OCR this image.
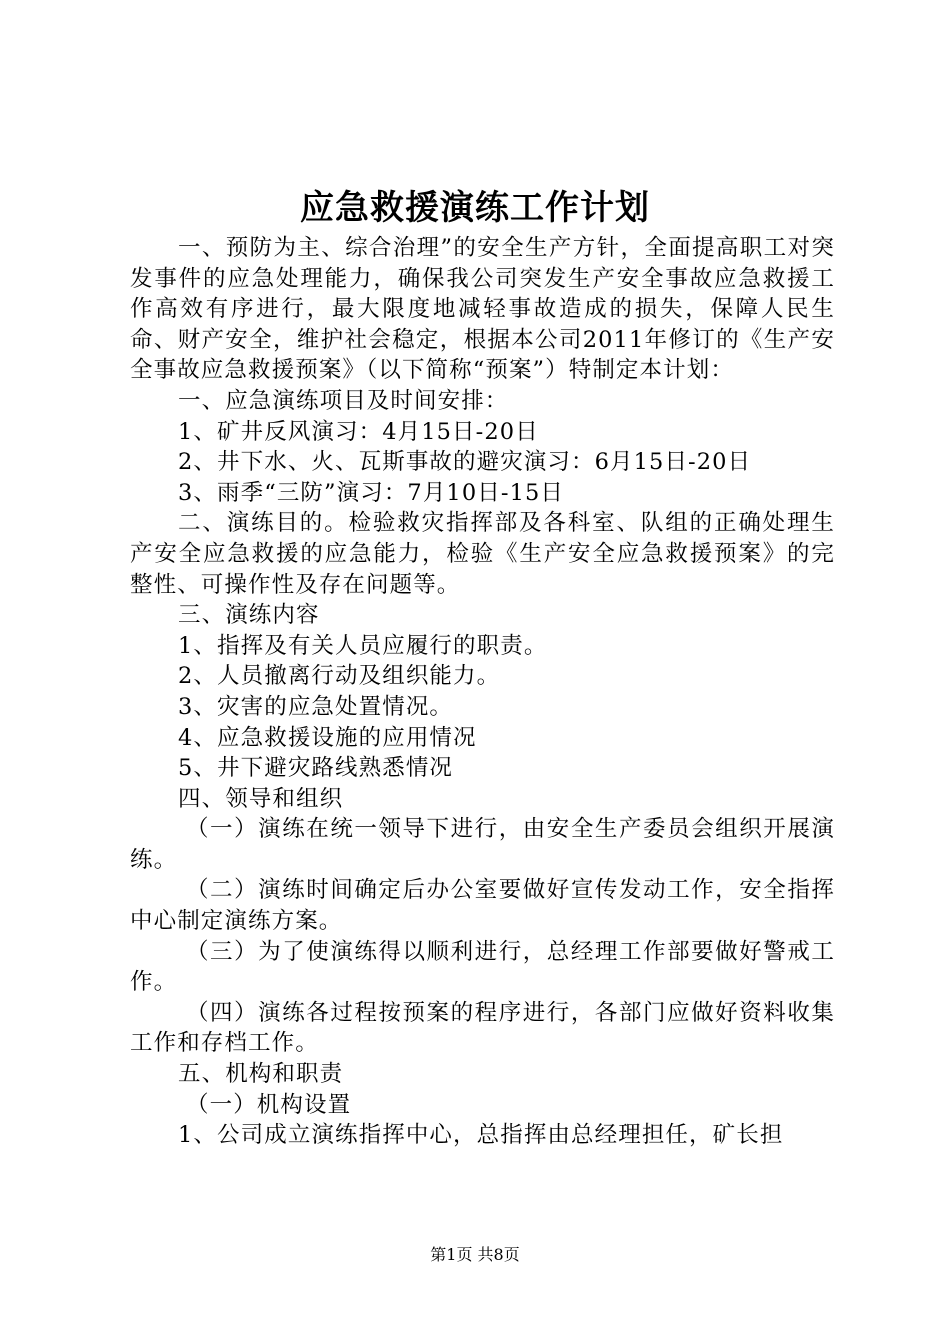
应急救援演练工作计划

一、预防为主、综合治理”的安全生产方针，全面提高职工对突发事件的应急处理能力，确保我公司突发生产安全事故应急救援工作高效有序进行，最大限度地减轻事故造成的损失，保障人民生命、财产安全，维护社会稳定，根据本公司2011年修订的《生产安全事故应急救援预案》（以下简称“预案”）特制定本计划：

一、应急演练项目及时间安排：

1、矿井反风演习：4月15日-20日

2、井下水、火、瓦斯事故的避灾演习：6月15日-20日

3、雨季“三防”演习：7月10日-15日

二、演练目的。检验救灾指挥部及各科室、队组的正确处理生产安全应急救援的应急能力，检验《生产安全应急救援预案》的完整性、可操作性及存在问题等。

三、演练内容

1、指挥及有关人员应履行的职责。

2、人员撤离行动及组织能力。

3、灾害的应急处置情况。

4、应急救援设施的应用情况

5、井下避灾路线熟悉情况

四、领导和组织

（一）演练在统一领导下进行，由安全生产委员会组织开展演练。

（二）演练时间确定后办公室要做好宣传发动工作，安全指挥中心制定演练方案。

（三）为了使演练得以顺利进行，总经理工作部要做好警戒工作。

（四）演练各过程按预案的程序进行，各部门应做好资料收集工作和存档工作。

五、机构和职责

（一）机构设置

1、公司成立演练指挥中心，总指挥由总经理担任，矿长担

第1页 共8页
